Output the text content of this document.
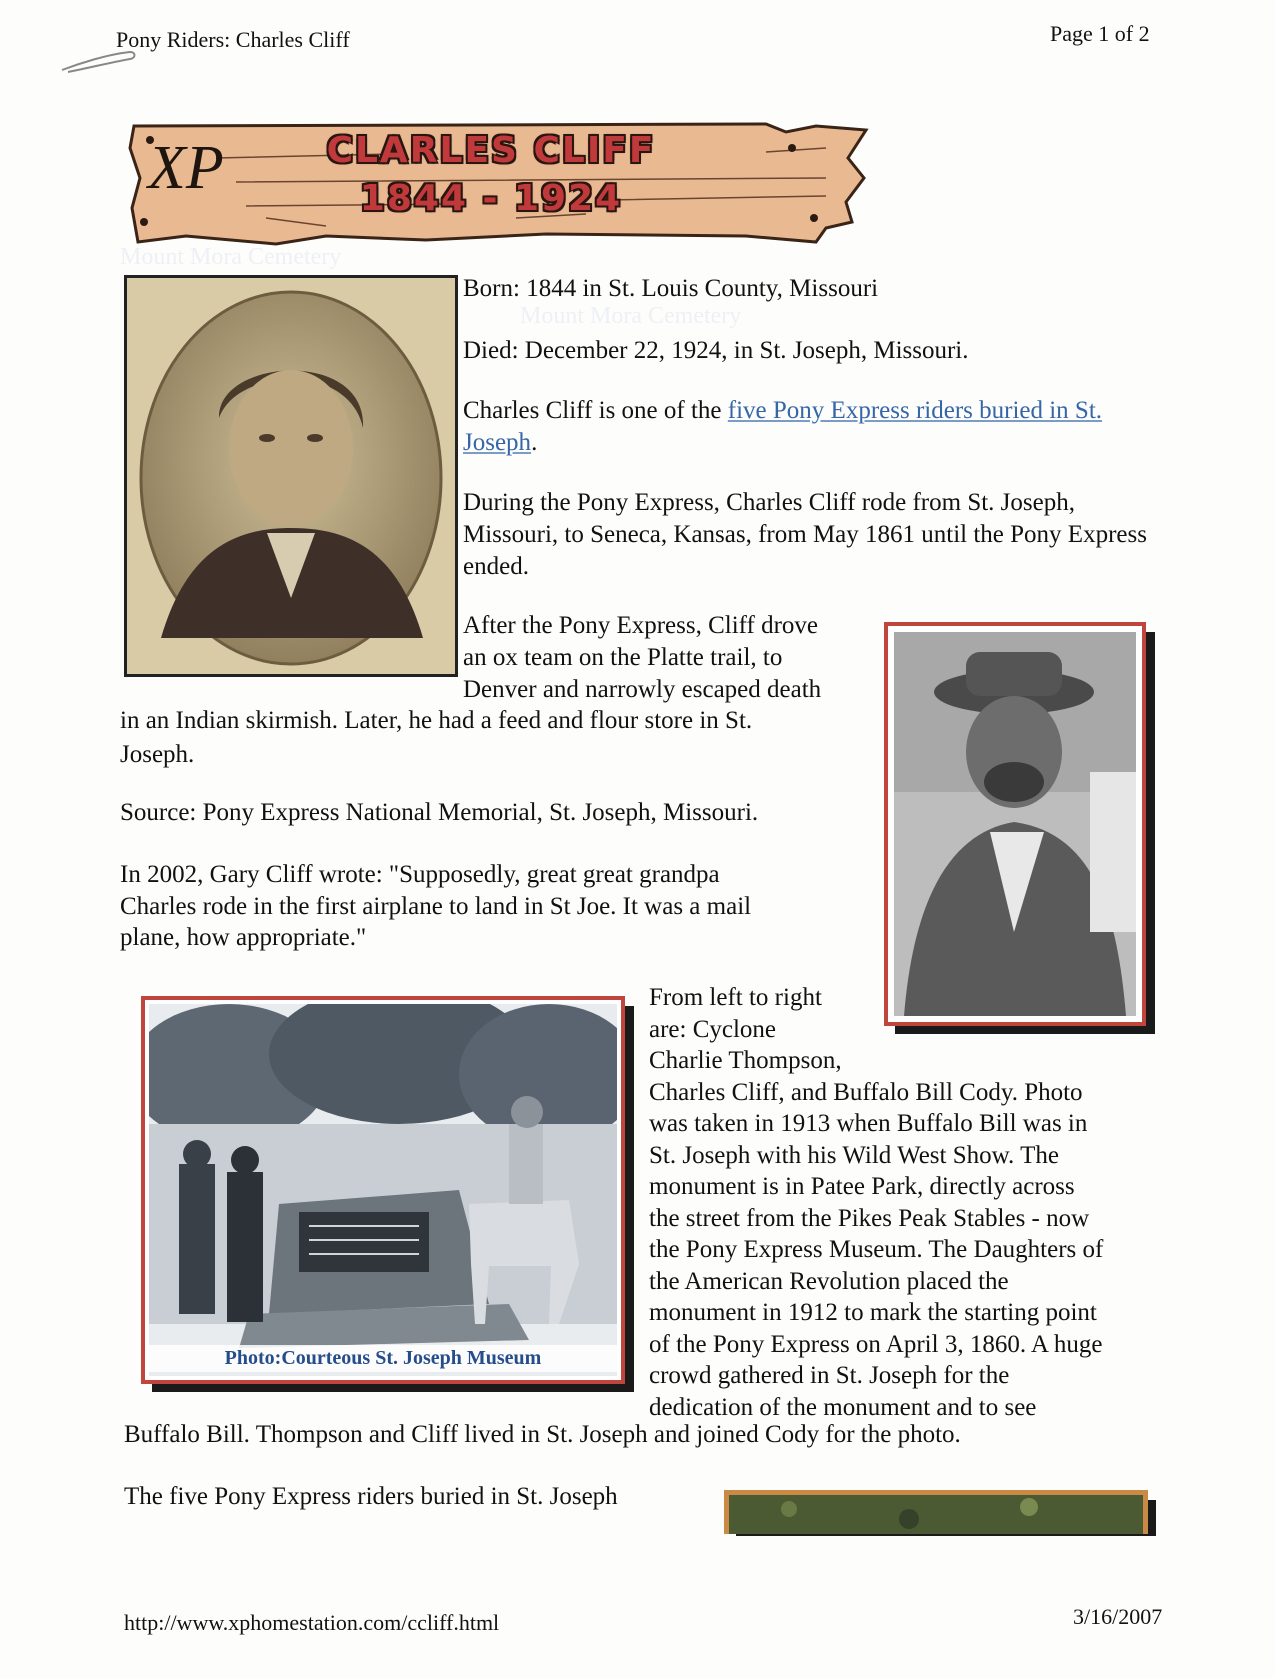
Pony Riders: Charles Cliff	Page 1 of 2
Mount Mora Cemetery
Mount Mora Cemetery
XP	CLARLES CLIFF
1844 - 1924
Born: 1844 in St. Louis County, Missouri
Died: December 22, 1924, in St. Joseph, Missouri.
Charles Cliff is one of the five Pony Express riders buried in St. Joseph.
During the Pony Express, Charles Cliff rode from St. Joseph, Missouri, to Seneca, Kansas, from May 1861 until the Pony Express ended.
After the Pony Express, Cliff drove
an ox team on the Platte trail, to
Denver and narrowly escaped death
in an Indian skirmish. Later, he had a feed and flour store in St.
Joseph.
Source: Pony Express National Memorial, St. Joseph, Missouri.
In 2002, Gary Cliff wrote: "Supposedly, great great grandpa
Charles rode in the first airplane to land in St Joe. It was a mail
plane, how appropriate."
Photo:Courteous St. Joseph Museum
From left to right
are: Cyclone
Charlie Thompson,
Charles Cliff, and Buffalo Bill Cody. Photo
was taken in 1913 when Buffalo Bill was in
St. Joseph with his Wild West Show. The
monument is in Patee Park, directly across
the street from the Pikes Peak Stables - now
the Pony Express Museum. The Daughters of
the American Revolution placed the
monument in 1912 to mark the starting point
of the Pony Express on April 3, 1860. A huge
crowd gathered in St. Joseph for the
dedication of the monument and to see
Buffalo Bill. Thompson and Cliff lived in St. Joseph and joined Cody for the photo.
The five Pony Express riders buried in St. Joseph
http://www.xphomestation.com/ccliff.html	3/16/2007
